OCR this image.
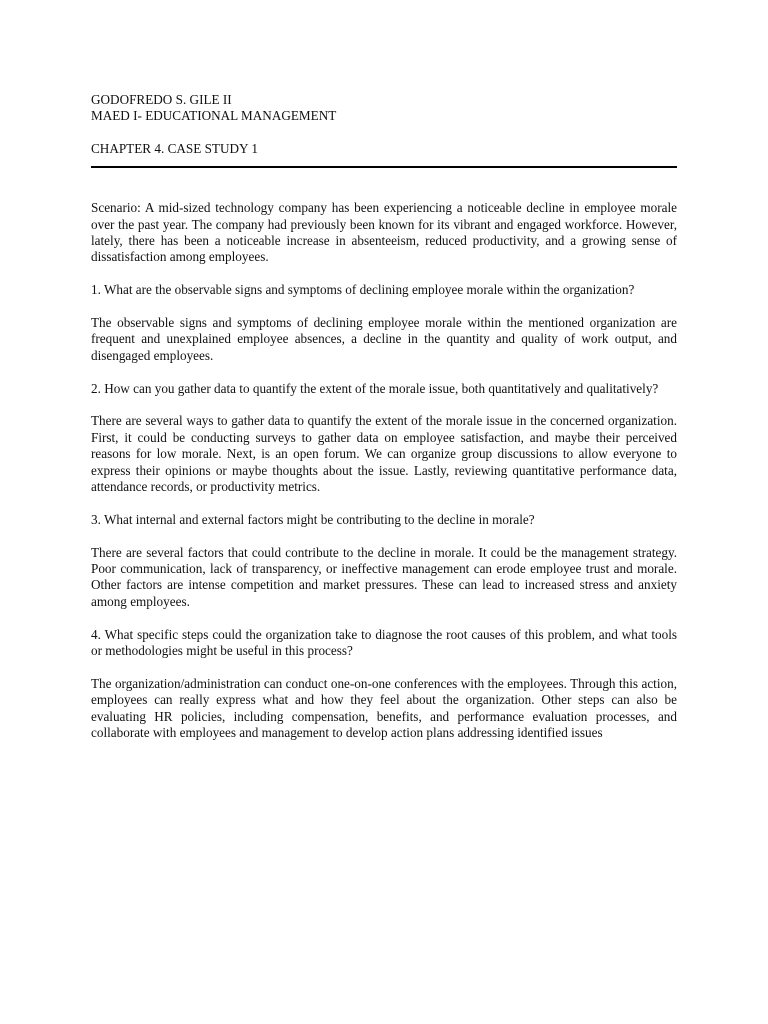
GODOFREDO S. GILE II

MAED I- EDUCATIONAL MANAGEMENT

CHAPTER 4. CASE STUDY 1

Scenario: A mid-sized technology company has been experiencing a noticeable decline in employee morale over the past year. The company had previously been known for its vibrant and engaged workforce. However, lately, there has been a noticeable increase in absenteeism, reduced productivity, and a growing sense of dissatisfaction among employees.

1. What are the observable signs and symptoms of declining employee morale within the organization?

The observable signs and symptoms of declining employee morale within the mentioned organization are frequent and unexplained employee absences, a decline in the quantity and quality of work output, and disengaged employees.

2. How can you gather data to quantify the extent of the morale issue, both quantitatively and qualitatively?

There are several ways to gather data to quantify the extent of the morale issue in the concerned organization. First, it could be conducting surveys to gather data on employee satisfaction, and maybe their perceived reasons for low morale. Next, is an open forum. We can organize group discussions to allow everyone to express their opinions or maybe thoughts about the issue. Lastly, reviewing quantitative performance data, attendance records, or productivity metrics.

3. What internal and external factors might be contributing to the decline in morale?

There are several factors that could contribute to the decline in morale. It could be the management strategy. Poor communication, lack of transparency, or ineffective management can erode employee trust and morale. Other factors are intense competition and market pressures. These can lead to increased stress and anxiety among employees.

4. What specific steps could the organization take to diagnose the root causes of this problem, and what tools or methodologies might be useful in this process?

The organization/administration can conduct one-on-one conferences with the employees. Through this action, employees can really express what and how they feel about the organization. Other steps can also be evaluating HR policies, including compensation, benefits, and performance evaluation processes, and collaborate with employees and management to develop action plans addressing identified issues
